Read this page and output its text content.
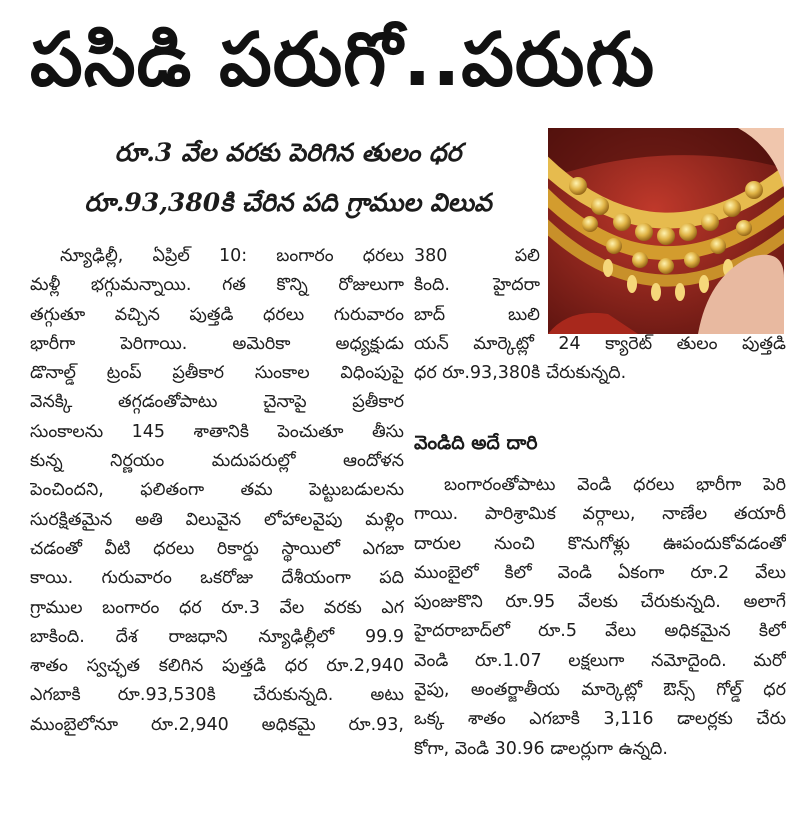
పసిడి పరుగో..పరుగు
రూ.3 వేల వరకు పెరిగిన తులం ధర
రూ.93,380కి చేరిన పది గ్రాముల విలువ
న్యూఢిల్లీ, ఏప్రిల్ 10: బంగారం ధరలు
మళ్లీ భగ్గుమన్నాయి. గత కొన్ని రోజులుగా
తగ్గుతూ వచ్చిన పుత్తడి ధరలు గురువారం
భారీగా పెరిగాయి. అమెరికా అధ్యక్షుడు
డొనాల్డ్ ట్రంప్ ప్రతీకార సుంకాల విధింపుపై
వెనక్కి తగ్గడంతోపాటు చైనాపై ప్రతీకార
సుంకాలను 145 శాతానికి పెంచుతూ తీసు
కున్న నిర్ణయం మదుపరుల్లో ఆందోళన
పెంచిందని, ఫలితంగా తమ పెట్టుబడులను
సురక్షితమైన అతి విలువైన లోహాలవైపు మళ్లిం
చడంతో వీటి ధరలు రికార్డు స్థాయిలో ఎగబా
కాయి. గురువారం ఒకరోజు దేశీయంగా పది
గ్రాముల బంగారం ధర రూ.3 వేల వరకు ఎగ
బాకింది. దేశ రాజధాని న్యూఢిల్లీలో 99.9
శాతం స్వచ్ఛత కలిగిన పుత్తడి ధర రూ.2,940
ఎగబాకి రూ.93,530కి చేరుకున్నది. అటు
ముంబైలోనూ రూ.2,940 అధికమై రూ.93,
380 పలి
కింది. హైదరా
బాద్ బులి
యన్ మార్కెట్లో 24 క్యారెట్ తులం పుత్తడి
ధర రూ.93,380కి చేరుకున్నది.
వెండిది అదే దారి
బంగారంతోపాటు వెండి ధరలు భారీగా పెరి
గాయి. పారిశ్రామిక వర్గాలు, నాణేల తయారీ
దారుల నుంచి కొనుగోళ్లు ఊపందుకోవడంతో
ముంబైలో కిలో వెండి ఏకంగా రూ.2 వేలు
పుంజుకొని రూ.95 వేలకు చేరుకున్నది. అలాగే
హైదరాబాద్‌లో రూ.5 వేలు అధికమైన కిలో
వెండి రూ.1.07 లక్షలుగా నమోదైంది. మరో
వైపు, అంతర్జాతీయ మార్కెట్లో ఔన్స్ గోల్డ్ ధర
ఒక్క శాతం ఎగబాకి 3,116 డాలర్లకు చేరు
కోగా, వెండి 30.96 డాలర్లుగా ఉన్నది.
